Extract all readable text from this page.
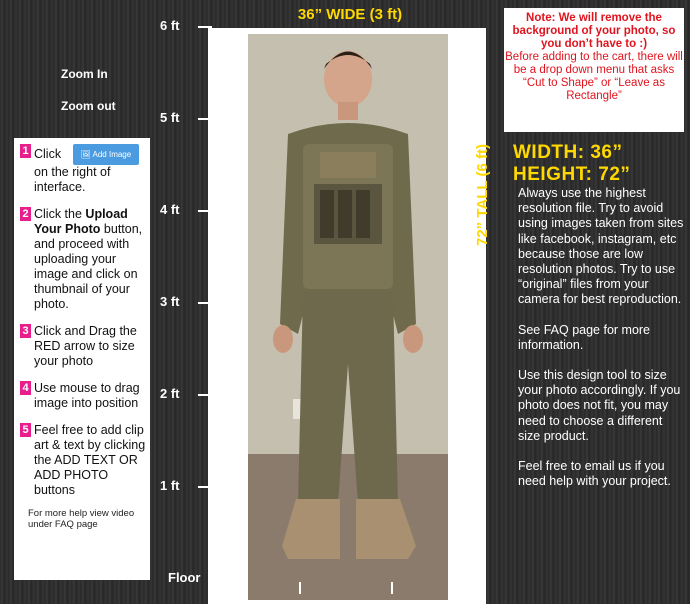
6 ft
5 ft
4 ft
3 ft
2 ft
1 ft
36” WIDE (3 ft)
72” TALL (6 ft)
Zoom In
Zoom out
Note: We will remove the background of your photo, so you don’t have to :)
Before adding to the cart, there will be a drop down menu that asks “Cut to Shape” or “Leave as Rectangle”
1 Click 🖼 Add Image
on the right of interface.
2 Click the Upload Your Photo button, and proceed with uploading your image and click on thumbnail of your photo.
3 Click and Drag the RED arrow to size your photo
4 Use mouse to drag image into position
5 Feel free to add clip art & text by clicking the ADD TEXT OR ADD PHOTO buttons
For more help view video under FAQ page
WIDTH: 36”
HEIGHT: 72”

Always use the highest resolution file. Try to avoid using images taken from sites like facebook, instagram, etc because those are low resolution photos. Try to use “original” files from your camera for best reproduction.

See FAQ page for more information.

Use this design tool to size your photo accordingly. If you photo does not fit, you may need to choose a different size product.

Feel free to email us if you need help with your project.

Floor
